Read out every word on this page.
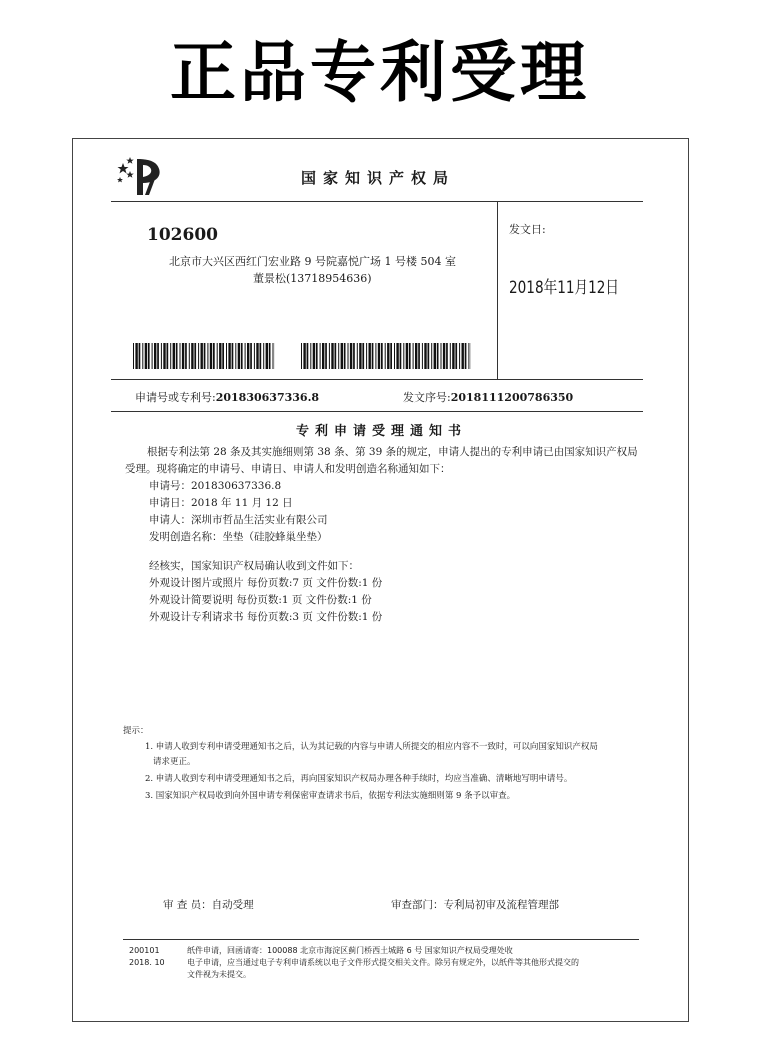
正品专利受理
国家知识产权局
102600
北京市大兴区西红门宏业路 9 号院嘉悦广场 1 号楼 504 室
董景松(13718954636)
发文日:
2018年11月12日
申请号或专利号:201830637336.8	发文序号:2018111200786350
专利申请受理通知书
根据专利法第 28 条及其实施细则第 38 条、第 39 条的规定，申请人提出的专利申请已由国家知识产权局受理。现将确定的申请号、申请日、申请人和发明创造名称通知如下：
申请号：201830637336.8
申请日：2018 年 11 月 12 日
申请人：深圳市哲品生活实业有限公司
发明创造名称：坐垫（硅胶蜂巢坐垫）
经核实，国家知识产权局确认收到文件如下：
外观设计图片或照片 每份页数:7 页 文件份数:1 份
外观设计简要说明 每份页数:1 页 文件份数:1 份
外观设计专利请求书 每份页数:3 页 文件份数:1 份
提示：
1. 申请人收到专利申请受理通知书之后，认为其记载的内容与申请人所提交的相应内容不一致时，可以向国家知识产权局
请求更正。
2. 申请人收到专利申请受理通知书之后，再向国家知识产权局办理各种手续时，均应当准确、清晰地写明申请号。
3. 国家知识产权局收到向外国申请专利保密审查请求书后，依据专利法实施细则第 9 条予以审查。
审 查 员：自动受理	审查部门：专利局初审及流程管理部
200101
2018. 10
纸件申请，回函请寄：100088 北京市海淀区蓟门桥西土城路 6 号 国家知识产权局受理处收
电子申请，应当通过电子专利申请系统以电子文件形式提交相关文件。除另有规定外，以纸件等其他形式提交的
文件视为未提交。
